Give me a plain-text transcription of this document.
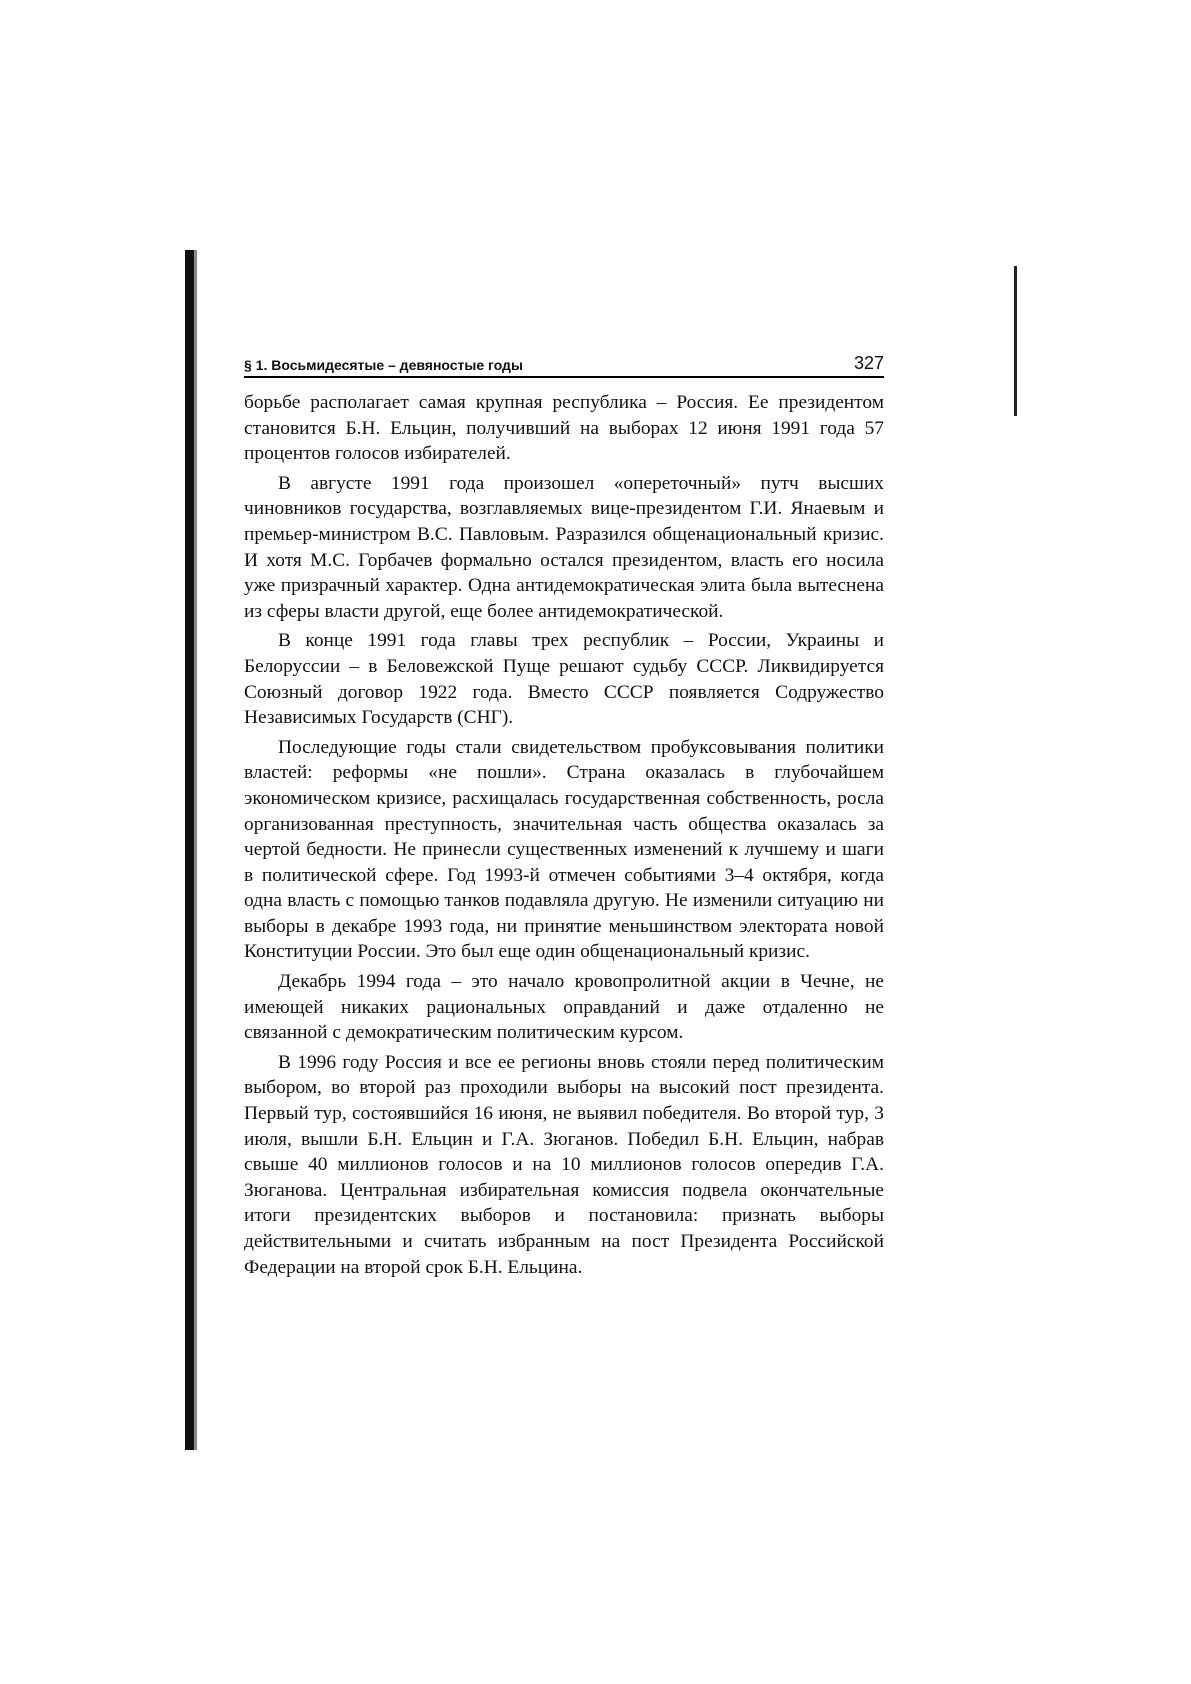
§ 1. Восьмидесятые – девяностые годы	327

борьбе располагает самая крупная республика – Россия. Ее президентом становится Б.Н. Ельцин, получивший на выборах 12 июня 1991 года 57 процентов голосов избирателей.

В августе 1991 года произошел «опереточный» путч высших чиновников государства, возглавляемых вице-президентом Г.И. Янаевым и премьер-министром В.С. Павловым. Разразился общенациональный кризис. И хотя М.С. Горбачев формально остался президентом, власть его носила уже призрачный характер. Одна антидемократическая элита была вытеснена из сферы власти другой, еще более антидемократической.

В конце 1991 года главы трех республик – России, Украины и Белоруссии – в Беловежской Пуще решают судьбу СССР. Ликвидируется Союзный договор 1922 года. Вместо СССР появляется Содружество Независимых Государств (СНГ).

Последующие годы стали свидетельством пробуксовывания политики властей: реформы «не пошли». Страна оказалась в глубочайшем экономическом кризисе, расхищалась государственная собственность, росла организованная преступность, значительная часть общества оказалась за чертой бедности. Не принесли существенных изменений к лучшему и шаги в политической сфере. Год 1993-й отмечен событиями 3–4 октября, когда одна власть с помощью танков подавляла другую. Не изменили ситуацию ни выборы в декабре 1993 года, ни принятие меньшинством электората новой Конституции России. Это был еще один общенациональный кризис.

Декабрь 1994 года – это начало кровопролитной акции в Чечне, не имеющей никаких рациональных оправданий и даже отдаленно не связанной с демократическим политическим курсом.

В 1996 году Россия и все ее регионы вновь стояли перед политическим выбором, во второй раз проходили выборы на высокий пост президента. Первый тур, состоявшийся 16 июня, не выявил победителя. Во второй тур, 3 июля, вышли Б.Н. Ельцин и Г.А. Зюганов. Победил Б.Н. Ельцин, набрав свыше 40 миллионов голосов и на 10 миллионов голосов опередив Г.А. Зюганова. Центральная избирательная комиссия подвела окончательные итоги президентских выборов и постановила: признать выборы действительными и считать избранным на пост Президента Российской Федерации на второй срок Б.Н. Ельцина.
